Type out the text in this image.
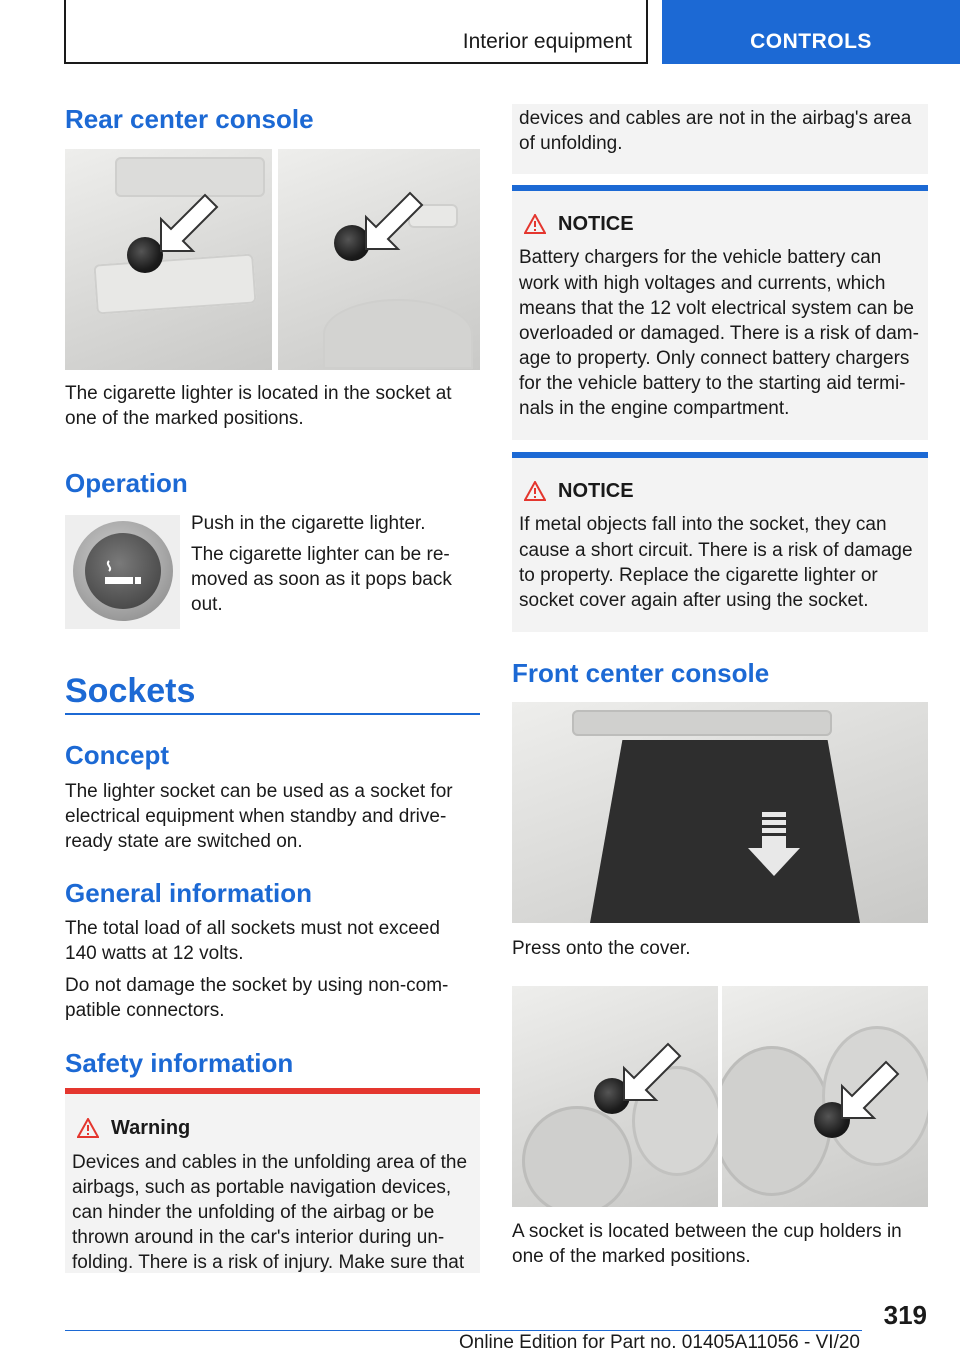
Interior equipment	CONTROLS
Rear center console
The cigarette lighter is located in the socket at
one of the marked positions.
Operation
Push in the cigarette lighter.
The cigarette lighter can be re-
moved as soon as it pops back
out.
Sockets
Concept
The lighter socket can be used as a socket for
electrical equipment when standby and drive-
ready state are switched on.
General information
The total load of all sockets must not exceed
140 watts at 12 volts.
Do not damage the socket by using non-com-
patible connectors.
Safety information
Warning
Devices and cables in the unfolding area of the
airbags, such as portable navigation devices,
can hinder the unfolding of the airbag or be
thrown around in the car's interior during un-
folding. There is a risk of injury. Make sure that
devices and cables are not in the airbag's area
of unfolding.
NOTICE
Battery chargers for the vehicle battery can
work with high voltages and currents, which
means that the 12 volt electrical system can be
overloaded or damaged. There is a risk of dam-
age to property. Only connect battery chargers
for the vehicle battery to the starting aid termi-
nals in the engine compartment.
NOTICE
If metal objects fall into the socket, they can
cause a short circuit. There is a risk of damage
to property. Replace the cigarette lighter or
socket cover again after using the socket.
Front center console
Press onto the cover.
A socket is located between the cup holders in
one of the marked positions.
319
Online Edition for Part no. 01405A11056 - VI/20
